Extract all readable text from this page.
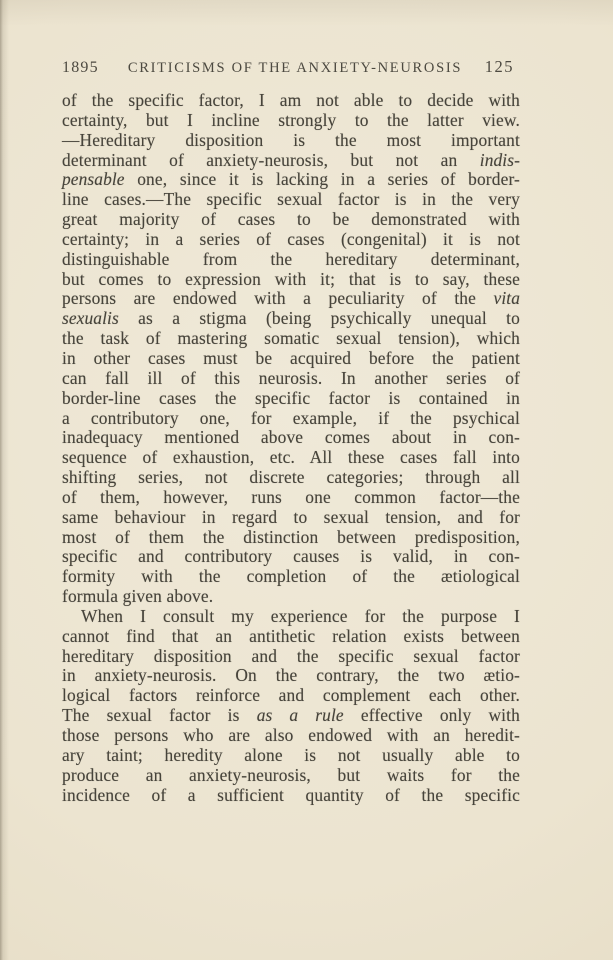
1895	CRITICISMS OF THE ANXIETY-NEUROSIS	125
of the specific factor, I am not able to decide with
certainty, but I incline strongly to the latter view.
—Hereditary disposition is the most important
determinant of anxiety-neurosis, but not an indis-
pensable one, since it is lacking in a series of border-
line cases.—The specific sexual factor is in the very
great majority of cases to be demonstrated with
certainty; in a series of cases (congenital) it is not
distinguishable from the hereditary determinant,
but comes to expression with it; that is to say, these
persons are endowed with a peculiarity of the vita
sexualis as a stigma (being psychically unequal to
the task of mastering somatic sexual tension), which
in other cases must be acquired before the patient
can fall ill of this neurosis. In another series of
border-line cases the specific factor is contained in
a contributory one, for example, if the psychical
inadequacy mentioned above comes about in con-
sequence of exhaustion, etc. All these cases fall into
shifting series, not discrete categories; through all
of them, however, runs one common factor—the
same behaviour in regard to sexual tension, and for
most of them the distinction between predisposition,
specific and contributory causes is valid, in con-
formity with the completion of the ætiological
formula given above.
When I consult my experience for the purpose I
cannot find that an antithetic relation exists between
hereditary disposition and the specific sexual factor
in anxiety-neurosis. On the contrary, the two ætio-
logical factors reinforce and complement each other.
The sexual factor is as a rule effective only with
those persons who are also endowed with an heredit-
ary taint; heredity alone is not usually able to
produce an anxiety-neurosis, but waits for the
incidence of a sufficient quantity of the specific
